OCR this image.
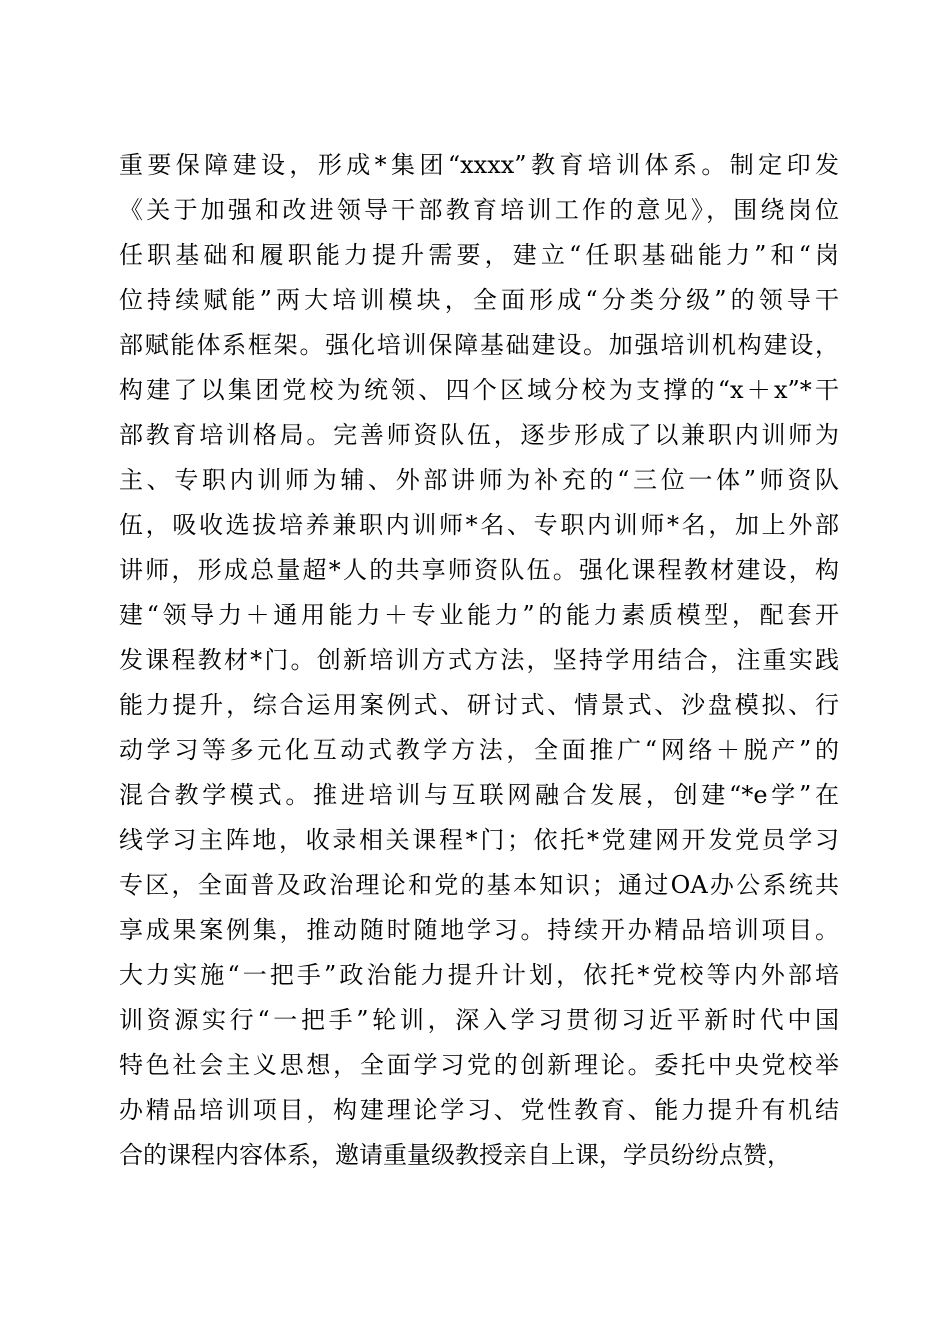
重要保障建设，形成*集团“xxxx”教育培训体系。制定印发
《关于加强和改进领导干部教育培训工作的意见》，围绕岗位
任职基础和履职能力提升需要，建立“任职基础能力”和“岗
位持续赋能”两大培训模块，全面形成“分类分级”的领导干
部赋能体系框架。强化培训保障基础建设。加强培训机构建设，
构建了以集团党校为统领、四个区域分校为支撑的“x＋x”*干
部教育培训格局。完善师资队伍，逐步形成了以兼职内训师为
主、专职内训师为辅、外部讲师为补充的“三位一体”师资队
伍，吸收选拔培养兼职内训师*名、专职内训师*名，加上外部
讲师，形成总量超*人的共享师资队伍。强化课程教材建设，构
建“领导力＋通用能力＋专业能力”的能力素质模型，配套开
发课程教材*门。创新培训方式方法，坚持学用结合，注重实践
能力提升，综合运用案例式、研讨式、情景式、沙盘模拟、行
动学习等多元化互动式教学方法，全面推广“网络＋脱产”的
混合教学模式。推进培训与互联网融合发展，创建“*e学”在
线学习主阵地，收录相关课程*门；依托*党建网开发党员学习
专区，全面普及政治理论和党的基本知识；通过OA办公系统共
享成果案例集，推动随时随地学习。持续开办精品培训项目。
大力实施“一把手”政治能力提升计划，依托*党校等内外部培
训资源实行“一把手”轮训，深入学习贯彻习近平新时代中国
特色社会主义思想，全面学习党的创新理论。委托中央党校举
办精品培训项目，构建理论学习、党性教育、能力提升有机结
合的课程内容体系，邀请重量级教授亲自上课，学员纷纷点赞，
